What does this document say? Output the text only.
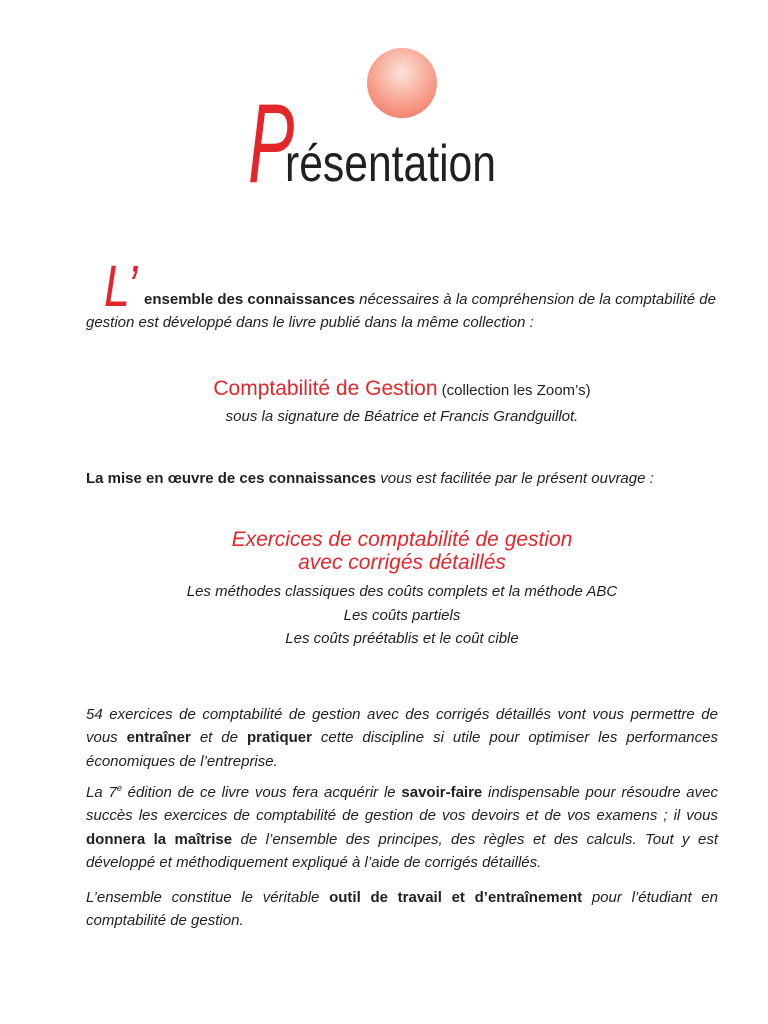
Présentation
L’ ensemble des connaissances nécessaires à la compréhension de la comptabilité de gestion est développé dans le livre publié dans la même collection :

Comptabilité de Gestion (collection les Zoom’s)
sous la signature de Béatrice et Francis Grandguillot.

La mise en œuvre de ces connaissances vous est facilitée par le présent ouvrage :

Exercices de comptabilité de gestion
avec corrigés détaillés
Les méthodes classiques des coûts complets et la méthode ABC
Les coûts partiels
Les coûts préétablis et le coût cible

54 exercices de comptabilité de gestion avec des corrigés détaillés vont vous permettre de vous entraîner et de pratiquer cette discipline si utile pour optimiser les performances économiques de l’entreprise.

La 7e édition de ce livre vous fera acquérir le savoir-faire indispensable pour résoudre avec succès les exercices de comptabilité de gestion de vos devoirs et de vos examens ; il vous donnera la maîtrise de l’ensemble des principes, des règles et des calculs. Tout y est développé et méthodiquement expliqué à l’aide de corrigés détaillés.

L’ensemble constitue le véritable outil de travail et d’entraînement pour l’étudiant en comptabilité de gestion.
